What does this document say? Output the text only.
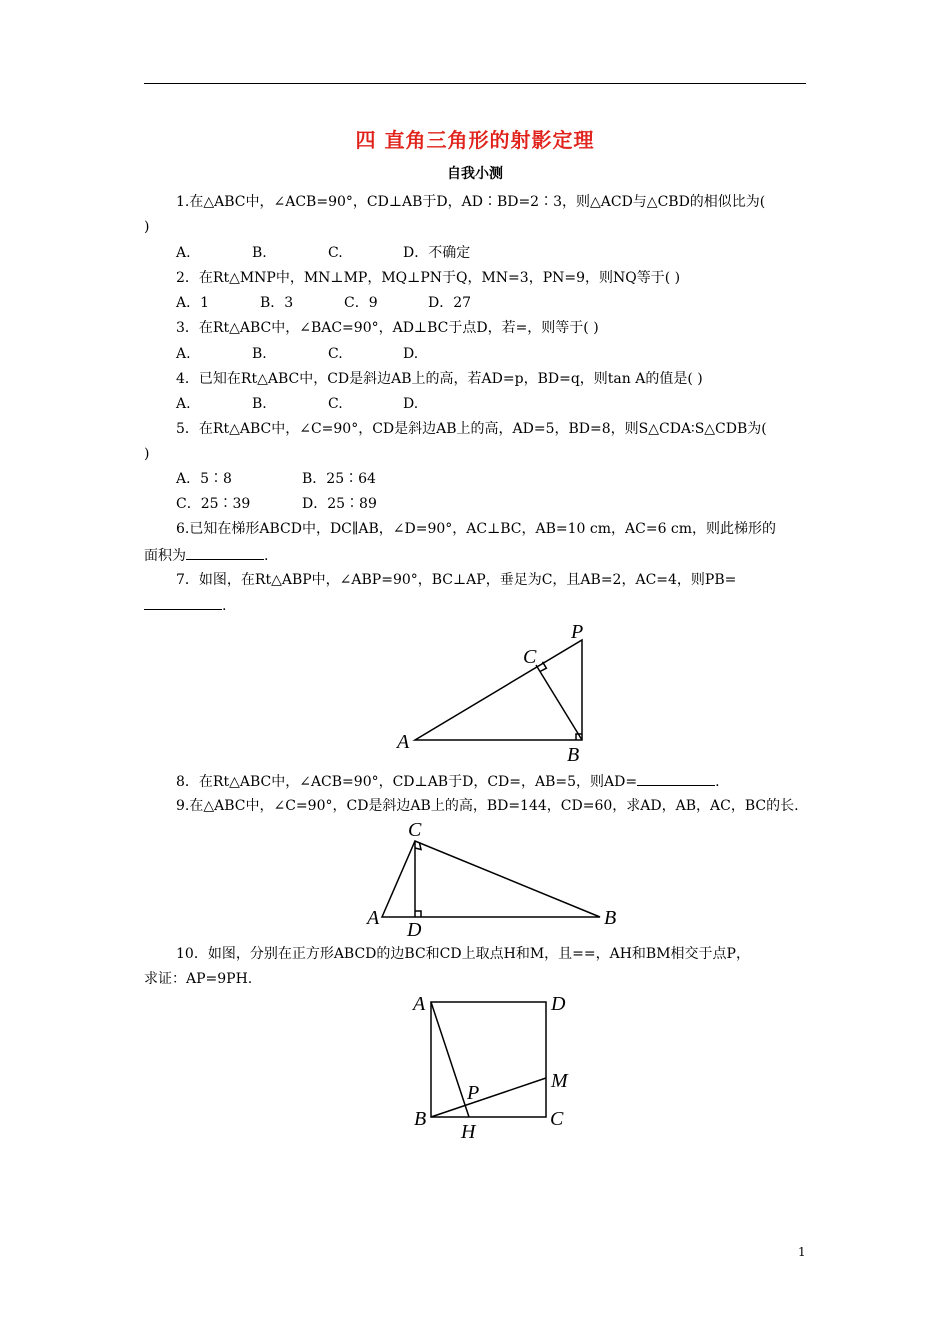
四 直角三角形的射影定理
自我小测
1.在△ABC中，∠ACB=90°，CD⊥AB于D，AD∶BD=2∶3，则△ACD与△CBD的相似比为(
)
A.	B.	C.	D．不确定
2．在Rt△MNP中，MN⊥MP，MQ⊥PN于Q，MN=3，PN=9，则NQ等于( )
A．1	B．3	C．9	D．27
3．在Rt△ABC中，∠BAC=90°，AD⊥BC于点D，若=，则等于( )
A.	B.	C.	D.
4．已知在Rt△ABC中，CD是斜边AB上的高，若AD=p，BD=q，则tan A的值是( )
A.	B.	C.	D.
5．在Rt△ABC中，∠C=90°，CD是斜边AB上的高，AD=5，BD=8，则S△CDA∶S△CDB为(
)
A．5∶8	B．25∶64
C．25∶39	D．25∶89
6.已知在梯形ABCD中，DC∥AB，∠D=90°，AC⊥BC，AB=10 cm，AC=6 cm，则此梯形的
面积为	.
7．如图，在Rt△ABP中，∠ABP=90°，BC⊥AP，垂足为C，且AB=2，AC=4，则PB=
.
A
B
C
P
8．在Rt△ABC中，∠ACB=90°，CD⊥AB于D，CD=，AB=5，则AD=	.
9.在△ABC中，∠C=90°，CD是斜边AB上的高，BD=144，CD=60，求AD，AB，AC，BC的长.
A	B
C
D
10．如图，分别在正方形ABCD的边BC和CD上取点H和M，且==，AH和BM相交于点P，
求证：AP=9PH.
A	D
B	C
M
P
H
1
